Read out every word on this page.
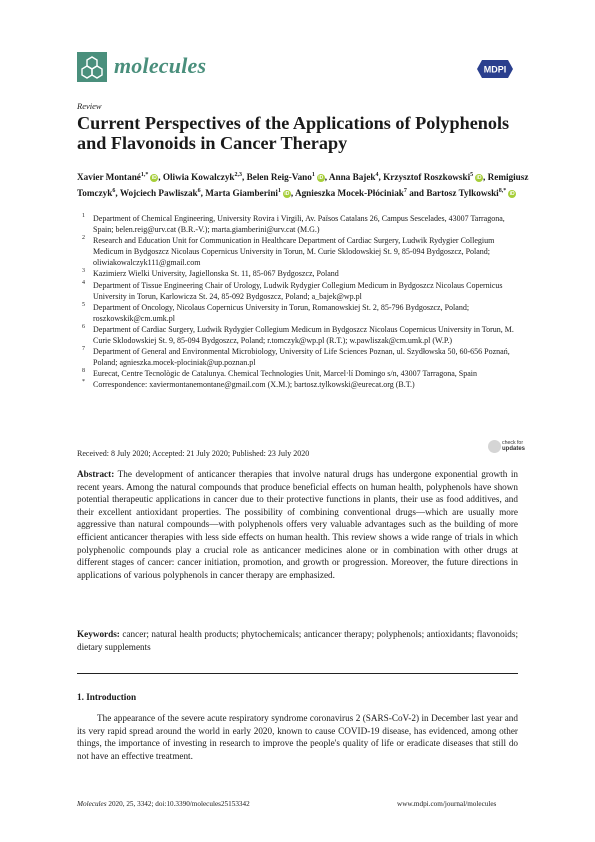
molecules	MDPI
Review
Current Perspectives of the Applications of Polyphenols and Flavonoids in Cancer Therapy
Xavier Montané$^{1,*}$ iD , Oliwia Kowalczyk$^{2,3}$, Belen Reig-Vano$^1$ iD , Anna Bajek$^4$, Krzysztof Roszkowski$^5$ iD , Remigiusz Tomczyk$^6$, Wojciech Pawliszak$^6$, Marta Giamberini$^1$ iD , Agnieszka Mocek-Płóciniak$^7$ and Bartosz Tylkowski$^{8,*}$ iD
1 Department of Chemical Engineering, University Rovira i Virgili, Av. Països Catalans 26, Campus Sescelades, 43007 Tarragona, Spain; belen.reig@urv.cat (B.R.-V.); marta.giamberini@urv.cat (M.G.)
2 Research and Education Unit for Communication in Healthcare Department of Cardiac Surgery, Ludwik Rydygier Collegium Medicum in Bydgoszcz Nicolaus Copernicus University in Torun, M. Curie Sklodowskiej St. 9, 85-094 Bydgoszcz, Poland; oliwiakowalczyk111@gmail.com
3 Kazimierz Wielki University, Jagiellonska St. 11, 85-067 Bydgoszcz, Poland
4 Department of Tissue Engineering Chair of Urology, Ludwik Rydygier Collegium Medicum in Bydgoszcz Nicolaus Copernicus University in Torun, Karlowicza St. 24, 85-092 Bydgoszcz, Poland; a_bajek@wp.pl
5 Department of Oncology, Nicolaus Copernicus University in Torun, Romanowskiej St. 2, 85-796 Bydgoszcz, Poland; roszkowskik@cm.umk.pl
6 Department of Cardiac Surgery, Ludwik Rydygier Collegium Medicum in Bydgoszcz Nicolaus Copernicus University in Torun, M. Curie Sklodowskiej St. 9, 85-094 Bydgoszcz, Poland; r.tomczyk@wp.pl (R.T.); w.pawliszak@cm.umk.pl (W.P.)
7 Department of General and Environmental Microbiology, University of Life Sciences Poznan, ul. Szydłowska 50, 60-656 Poznań, Poland; agnieszka.mocek-plociniak@up.poznan.pl
8 Eurecat, Centre Tecnològic de Catalunya. Chemical Technologies Unit, Marcel·lí Domingo s/n, 43007 Tarragona, Spain
* Correspondence: xaviermontanemontane@gmail.com (X.M.); bartosz.tylkowski@eurecat.org (B.T.)
Received: 8 July 2020; Accepted: 21 July 2020; Published: 23 July 2020
check for
updates
Abstract: The development of anticancer therapies that involve natural drugs has undergone exponential growth in recent years. Among the natural compounds that produce beneficial effects on human health, polyphenols have shown potential therapeutic applications in cancer due to their protective functions in plants, their use as food additives, and their excellent antioxidant properties. The possibility of combining conventional drugs—which are usually more aggressive than natural compounds—with polyphenols offers very valuable advantages such as the building of more efficient anticancer therapies with less side effects on human health. This review shows a wide range of trials in which polyphenolic compounds play a crucial role as anticancer medicines alone or in combination with other drugs at different stages of cancer: cancer initiation, promotion, and growth or progression. Moreover, the future directions in applications of various polyphenols in cancer therapy are emphasized.
Keywords: cancer; natural health products; phytochemicals; anticancer therapy; polyphenols; antioxidants; flavonoids; dietary supplements
1. Introduction
The appearance of the severe acute respiratory syndrome coronavirus 2 (SARS-CoV-2) in December last year and its very rapid spread around the world in early 2020, known to cause COVID-19 disease, has evidenced, among other things, the importance of investing in research to improve the people's quality of life or eradicate diseases that still do not have an effective treatment.
Molecules 2020, 25, 3342; doi:10.3390/molecules25153342	www.mdpi.com/journal/molecules
